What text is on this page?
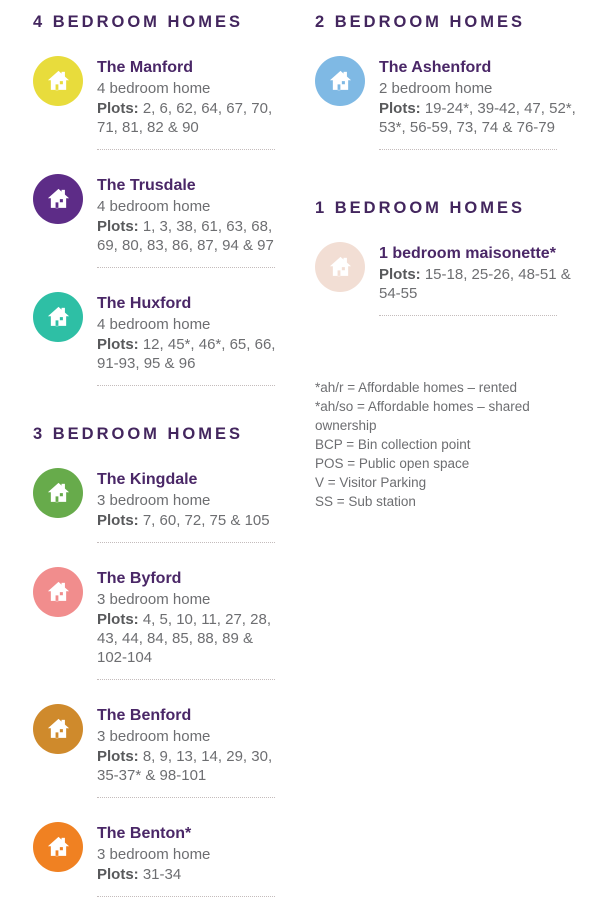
4 BEDROOM HOMES
The Manford
4 bedroom home
Plots: 2, 6, 62, 64, 67, 70, 71, 81, 82 & 90
The Trusdale
4 bedroom home
Plots: 1, 3, 38, 61, 63, 68, 69, 80, 83, 86, 87, 94 & 97
The Huxford
4 bedroom home
Plots: 12, 45*, 46*, 65, 66, 91-93, 95 & 96
3 BEDROOM HOMES
The Kingdale
3 bedroom home
Plots: 7, 60, 72, 75 & 105
The Byford
3 bedroom home
Plots: 4, 5, 10, 11, 27, 28, 43, 44, 84, 85, 88, 89 & 102-104
The Benford
3 bedroom home
Plots: 8, 9, 13, 14, 29, 30, 35-37* & 98-101
The Benton*
3 bedroom home
Plots: 31-34
2 BEDROOM HOMES
The Ashenford
2 bedroom home
Plots: 19-24*, 39-42, 47, 52*, 53*, 56-59, 73, 74 & 76-79
1 BEDROOM HOMES
1 bedroom maisonette*
Plots: 15-18, 25-26, 48-51 & 54-55
*ah/r = Affordable homes – rented
*ah/so = Affordable homes – shared ownership
BCP = Bin collection point
POS = Public open space
V = Visitor Parking
SS = Sub station
